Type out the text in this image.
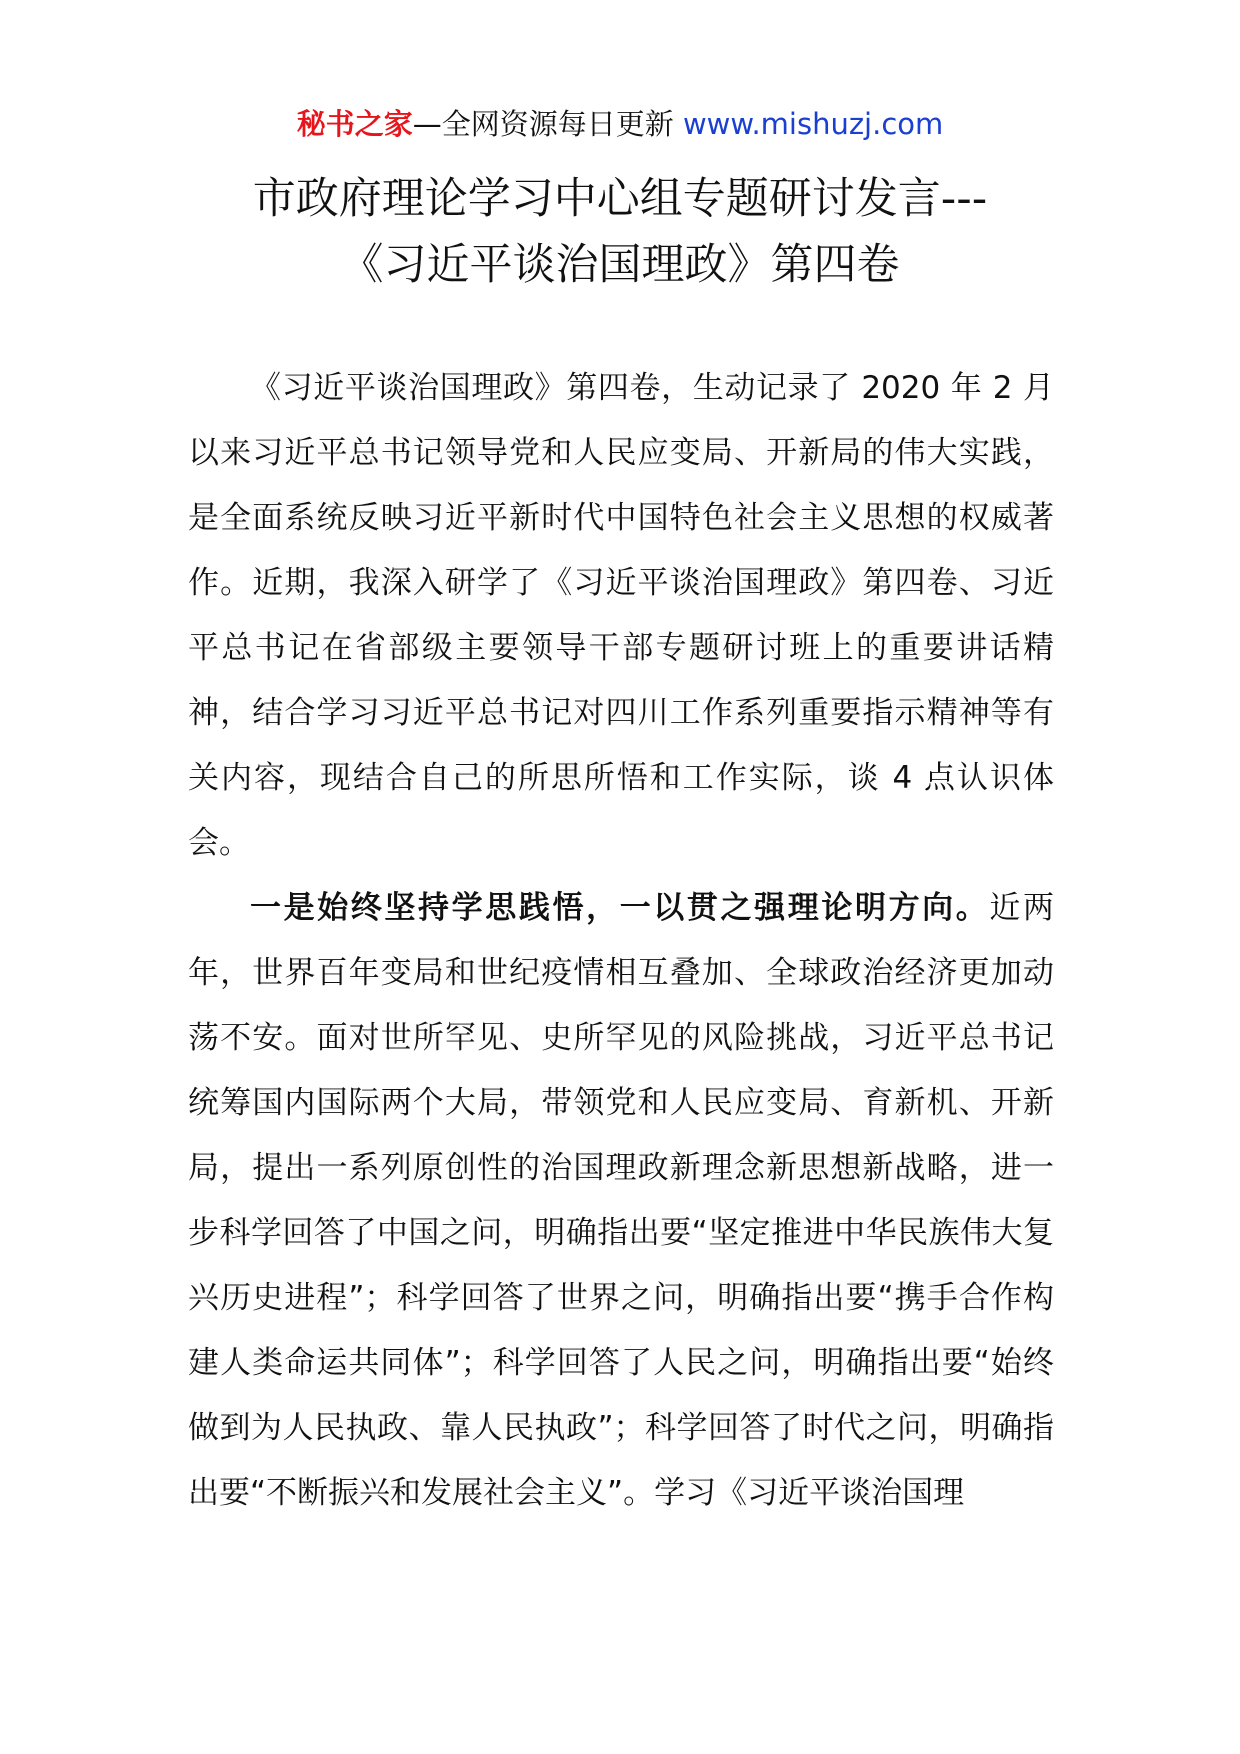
秘书之家—全网资源每日更新 www.mishuzj.com
市政府理论学习中心组专题研讨发言---
《习近平谈治国理政》第四卷

《习近平谈治国理政》第四卷，生动记录了 2020 年 2 月以来习近平总书记领导党和人民应变局、开新局的伟大实践，是全面系统反映习近平新时代中国特色社会主义思想的权威著作。近期，我深入研学了《习近平谈治国理政》第四卷、习近平总书记在省部级主要领导干部专题研讨班上的重要讲话精神，结合学习习近平总书记对四川工作系列重要指示精神等有关内容，现结合自己的所思所悟和工作实际，谈 4 点认识体会。

一是始终坚持学思践悟，一以贯之强理论明方向。近两年，世界百年变局和世纪疫情相互叠加、全球政治经济更加动荡不安。面对世所罕见、史所罕见的风险挑战，习近平总书记统筹国内国际两个大局，带领党和人民应变局、育新机、开新局，提出一系列原创性的治国理政新理念新思想新战略，进一步科学回答了中国之问，明确指出要“坚定推进中华民族伟大复兴历史进程”；科学回答了世界之问，明确指出要“携手合作构建人类命运共同体”；科学回答了人民之问，明确指出要“始终做到为人民执政、靠人民执政”；科学回答了时代之问，明确指出要“不断振兴和发展社会主义”。学习《习近平谈治国理
